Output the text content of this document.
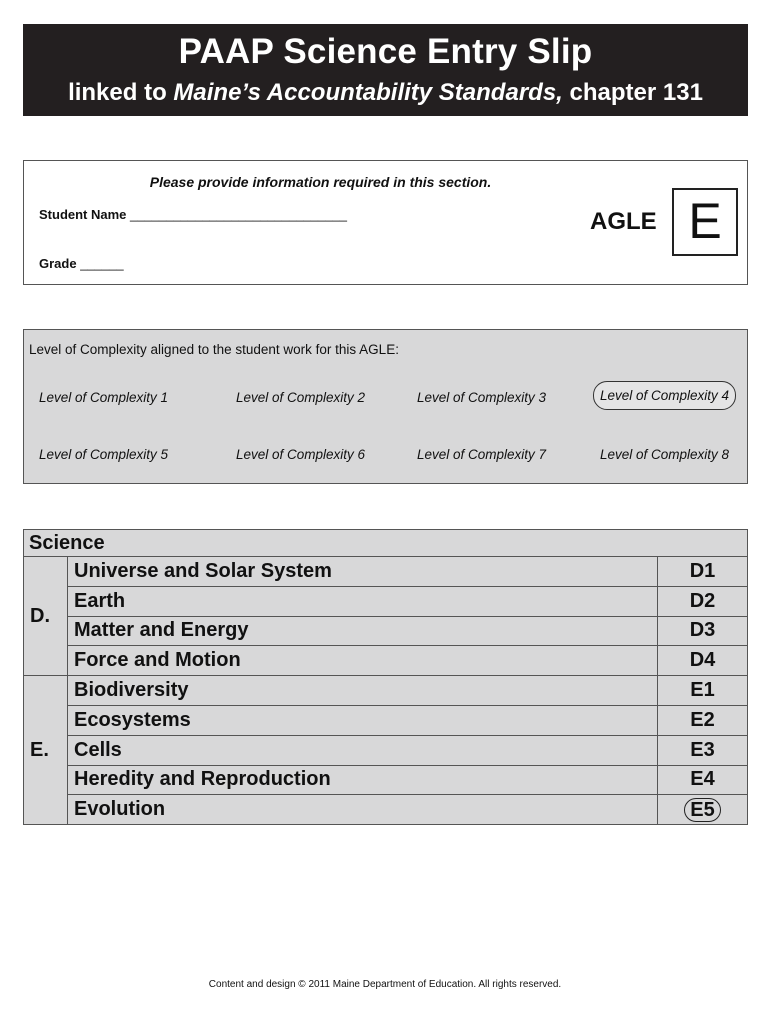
PAAP Science Entry Slip
linked to Maine’s Accountability Standards, chapter 131
Please provide information required in this section.
Student Name ______________________________
Grade ______
AGLE E
Level of Complexity aligned to the student work for this AGLE:
Level of Complexity 1	Level of Complexity 2	Level of Complexity 3	Level of Complexity 4
Level of Complexity 5	Level of Complexity 6	Level of Complexity 7	Level of Complexity 8
Science		
D.	Universe and Solar System	D1
	Earth	D2
	Matter and Energy	D3
	Force and Motion	D4
E.	Biodiversity	E1
	Ecosystems	E2
	Cells	E3
	Heredity and Reproduction	E4
	Evolution	E5
Content and design © 2011 Maine Department of Education. All rights reserved.
